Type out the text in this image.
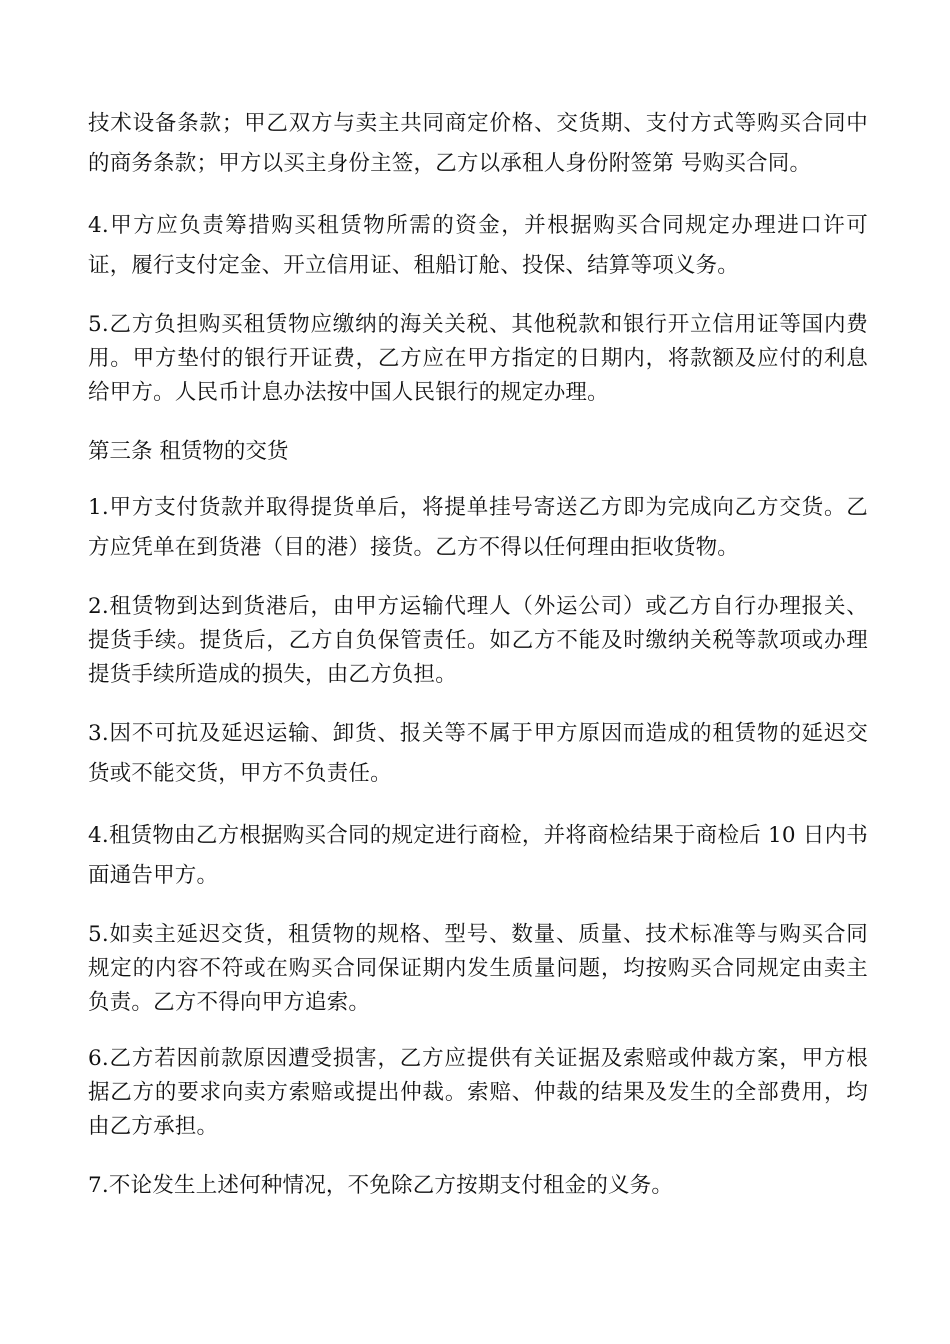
技术设备条款；甲乙双方与卖主共同商定价格、交货期、支付方式等购买合同中的商务条款；甲方以买主身份主签，乙方以承租人身份附签第 号购买合同。

4.甲方应负责筹措购买租赁物所需的资金，并根据购买合同规定办理进口许可证，履行支付定金、开立信用证、租船订舱、投保、结算等项义务。

5.乙方负担购买租赁物应缴纳的海关关税、其他税款和银行开立信用证等国内费用。甲方垫付的银行开证费，乙方应在甲方指定的日期内，将款额及应付的利息给甲方。人民币计息办法按中国人民银行的规定办理。

第三条 租赁物的交货

1.甲方支付货款并取得提货单后，将提单挂号寄送乙方即为完成向乙方交货。乙方应凭单在到货港（目的港）接货。乙方不得以任何理由拒收货物。

2.租赁物到达到货港后，由甲方运输代理人（外运公司）或乙方自行办理报关、提货手续。提货后，乙方自负保管责任。如乙方不能及时缴纳关税等款项或办理提货手续所造成的损失，由乙方负担。

3.因不可抗及延迟运输、卸货、报关等不属于甲方原因而造成的租赁物的延迟交货或不能交货，甲方不负责任。

4.租赁物由乙方根据购买合同的规定进行商检，并将商检结果于商检后 10 日内书面通告甲方。

5.如卖主延迟交货，租赁物的规格、型号、数量、质量、技术标准等与购买合同规定的内容不符或在购买合同保证期内发生质量问题，均按购买合同规定由卖主负责。乙方不得向甲方追索。

6.乙方若因前款原因遭受损害，乙方应提供有关证据及索赔或仲裁方案，甲方根据乙方的要求向卖方索赔或提出仲裁。索赔、仲裁的结果及发生的全部费用，均由乙方承担。

7.不论发生上述何种情况，不免除乙方按期支付租金的义务。
